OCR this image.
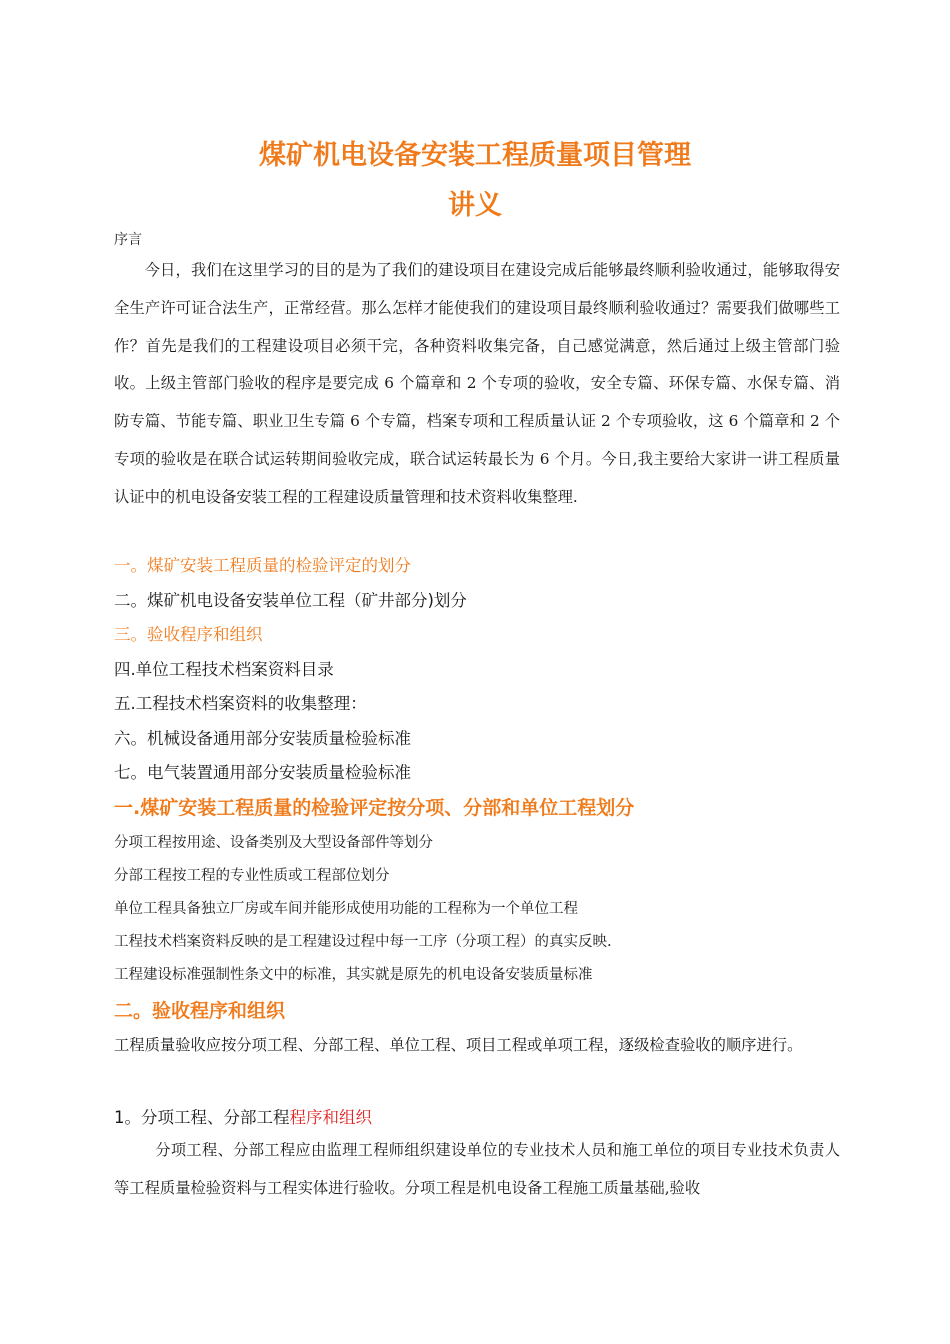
煤矿机电设备安装工程质量项目管理
讲义
序言

今日，我们在这里学习的目的是为了我们的建设项目在建设完成后能够最终顺利验收通过，能够取得安全生产许可证合法生产，正常经营。那么怎样才能使我们的建设项目最终顺利验收通过？需要我们做哪些工作？首先是我们的工程建设项目必须干完，各种资料收集完备，自己感觉满意，然后通过上级主管部门验收。上级主管部门验收的程序是要完成 6 个篇章和 2 个专项的验收，安全专篇、环保专篇、水保专篇、消防专篇、节能专篇、职业卫生专篇 6 个专篇，档案专项和工程质量认证 2 个专项验收，这 6 个篇章和 2 个专项的验收是在联合试运转期间验收完成，联合试运转最长为 6 个月。今日,我主要给大家讲一讲工程质量认证中的机电设备安装工程的工程建设质量管理和技术资料收集整理.

一。煤矿安装工程质量的检验评定的划分
二。煤矿机电设备安装单位工程（矿井部分)划分
三。验收程序和组织
四.单位工程技术档案资料目录
五.工程技术档案资料的收集整理：
六。机械设备通用部分安装质量检验标准
七。电气装置通用部分安装质量检验标准
一.煤矿安装工程质量的检验评定按分项、分部和单位工程划分
分项工程按用途、设备类别及大型设备部件等划分
分部工程按工程的专业性质或工程部位划分
单位工程具备独立厂房或车间并能形成使用功能的工程称为一个单位工程
工程技术档案资料反映的是工程建设过程中每一工序（分项工程）的真实反映.
工程建设标准强制性条文中的标准，其实就是原先的机电设备安装质量标准
二。验收程序和组织

工程质量验收应按分项工程、分部工程、单位工程、项目工程或单项工程，逐级检查验收的顺序进行。

1。分项工程、分部工程程序和组织

分项工程、分部工程应由监理工程师组织建设单位的专业技术人员和施工单位的项目专业技术负责人等工程质量检验资料与工程实体进行验收。分项工程是机电设备工程施工质量基础,验收
